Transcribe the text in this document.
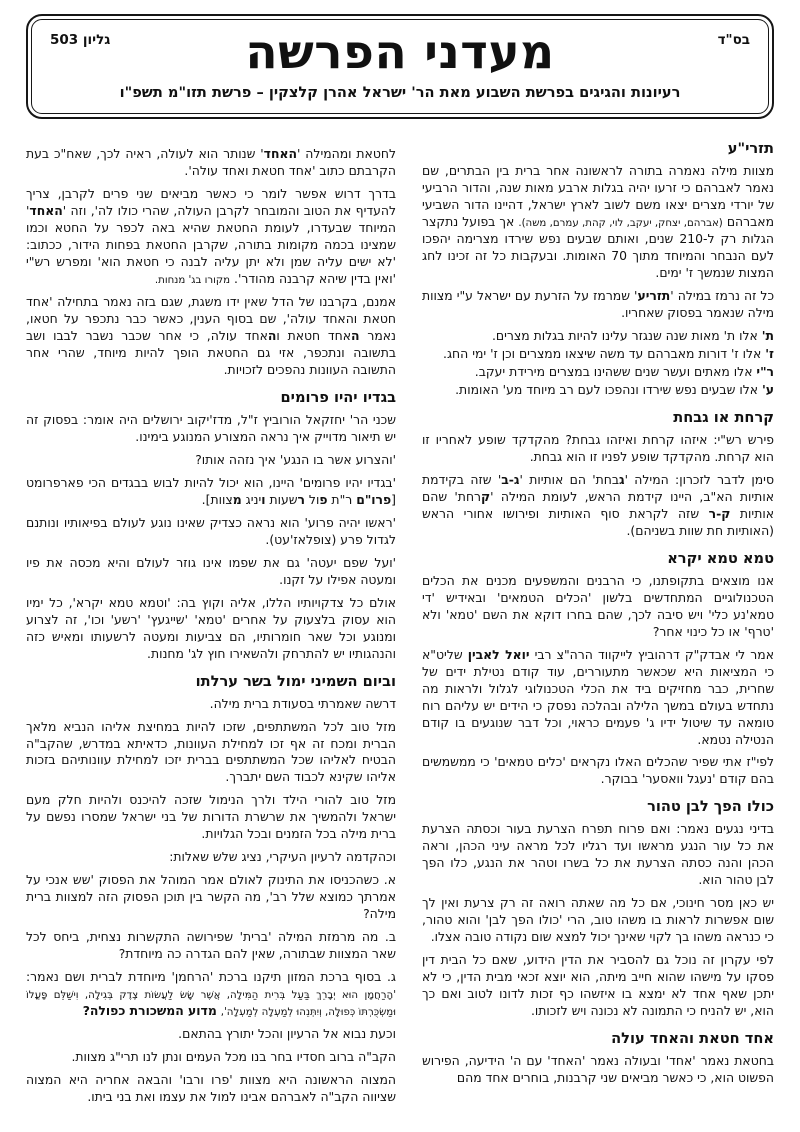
בס"ד
גליון 503	מעדני הפרשה
רעיונות והגיגים בפרשת השבוע מאת הר' ישראל אהרן קלצקין – פרשת תזו"מ תשפ"ו
תזרי"ע
מצוות מילה נאמרה בתורה לראשונה אחר ברית בין הבתרים, שם נאמר לאברהם כי זרעו יהיה בגלות ארבע מאות שנה, והדור הרביעי של יורדי מצרים יצאו משם לשוב לארץ ישראל, דהיינו הדור השביעי מאברהם (אברהם, יצחק, יעקב, לוי, קהת, עמרם, משה). אך בפועל נתקצר הגלות רק ל-210 שנים, ואותם שבעים נפש שירדו מצרימה יהפכו לעם הנבחר והמיוחד מתוך 70 האומות. ובעקבות כל זה זכינו לחג המצות שנמשך ז' ימים.
כל זה נרמז במילה 'תזריע' שמרמז על הזרעת עם ישראל ע"י מצוות מילה שנאמר בפסוק שאחריו.
ת' אלו ת' מאות שנה שנגזר עלינו להיות בגלות מצרים.
ז' אלו ז' דורות מאברהם עד משה שיצאו ממצרים וכן ז' ימי החג.
ר"י אלו מאתים ועשר שנים ששהינו במצרים מירידת יעקב.
ע' אלו שבעים נפש שירדו ונהפכו לעם רב מיוחד מע' האומות.
קרחת או גבחת
פירש רש"י: איזהו קרחת ואיזהו גבחת? מהקדקד שופע לאחריו זו הוא קרחת. מהקדקד שופע לפניו זו הוא גבחת.
סימן לדבר לזכרון: המילה 'גבחת' הם אותיות 'ג-ב' שזה בקידמת אותיות הא"ב, היינו קידמת הראש, לעומת המילה 'קרחת' שהם אותיות ק-ר שזה לקראת סוף האותיות ופירושו אחורי הראש (האותיות חת שוות בשניהם).
טמא טמא יקרא
אנו מוצאים בתקופתנו, כי הרבנים והמשפעים מכנים את הכלים הטכנולוגיים המתחדשים בלשון 'הכלים הטמאים' ובאידיש 'די טמא'נע כלי' ויש סיבה לכך, שהם בחרו דוקא את השם 'טמא' ולא 'טרף' או כל כינוי אחר?
אמר לי אבדק"ק דרהוביץ לייקווד הרה"צ רבי יואל לאבין שליט"א כי המציאות היא שכאשר מתעוררים, עוד קודם נטילת ידים של שחרית, כבר מחזיקים ביד את הכלי הטכנולוגי לגלול ולראות מה נתחדש בעולם במשך הלילה ובהלכה נפסק כי הידים יש עליהם רוח טומאה עד שיטול ידיו ג' פעמים כראוי, וכל דבר שנוגעים בו קודם הנטילה נטמא.
לפי"ז אתי שפיר שהכלים האלו נקראים 'כלים טמאים' כי ממשמשים בהם קודם 'נעגל וואסער' בבוקר.
כולו הפך לבן טהור
בדיני נגעים נאמר: ואם פרוח תפרח הצרעת בעור וכסתה הצרעת את כל עור הנגע מראשו ועד רגליו לכל מראה עיני הכהן, וראה הכהן והנה כסתה הצרעת את כל בשרו וטהר את הנגע, כלו הפך לבן טהור הוא.
יש כאן מסר חינוכי, אם כל מה שאתה רואה זה רק צרעת ואין לך שום אפשרות לראות בו משהו טוב, הרי 'כולו הפך לבן' והוא טהור, כי כנראה משהו בך לקוי שאינך יכול למצא שום נקודה טובה אצלו.
לפי עקרון זה נוכל גם להסביר את הדין הידוע, שאם כל הבית דין פסקו על מישהו שהוא חייב מיתה, הוא יוצא זכאי מבית הדין, כי לא יתכן שאף אחד לא ימצא בו איזשהו כף זכות לדונו לטוב ואם כך הוא, יש להניח כי התמונה לא נכונה ויש לזכותו.
אחד חטאת והאחד עולה
בחטאת נאמר 'אחד' ובעולה נאמר 'האחד' עם ה' הידיעה, הפירוש הפשוט הוא, כי כאשר מביאים שני קרבנות, בוחרים אחד מהם
לחטאת ומהמילה 'האחד' שנותר הוא לעולה, ראיה לכך, שאח"כ בעת הקרבתם כתוב 'אחד חטאת ואחד עולה'.
בדרך דרוש אפשר לומר כי כאשר מביאים שני פרים לקרבן, צריך להעדיף את הטוב והמובחר לקרבן העולה, שהרי כולו לה', וזה 'האחד' המיוחד שבעדרו, לעומת החטאת שהיא באה לכפר על החטא וכמו שמצינו בכמה מקומות בתורה, שקרבן החטאת בפחות הידור, ככתוב: 'לא ישים עליה שמן ולא יתן עליה לבנה כי חטאת הוא' ומפרש רש"י 'ואין בדין שיהא קרבנה מהודר'. מקורו בג' מנחות.
אמנם, בקרבנו של הדל שאין ידו משגת, שגם בזה נאמר בתחילה 'אחד חטאת והאחד עולה', שם בסוף הענין, כאשר כבר נתכפר על חטאו, נאמר האחד חטאת והאחד עולה, כי אחר שכבר נשבר לבבו ושב בתשובה ונתכפר, אזי גם החטאת הופך להיות מיוחד, שהרי אחר התשובה העוונות נהפכים לזכויות.
בגדיו יהיו פרומים
שכני הר' יחזקאל הורוביץ ז"ל, מדז'יקוב ירושלים היה אומר: בפסוק זה יש תיאור מדוייק איך נראה המצורע המנוגע בימינו.
'והצרוע אשר בו הנגע' איך נזהה אותו?
'בגדיו יהיו פרומים' היינו, הוא יכול להיות לבוש בבגדים הכי פארפרומט [פרו"ם ר"ת פול רשעות ויניג מצוות].
'ראשו יהיה פרוע' הוא נראה כצדיק שאינו נוגע לעולם בפיאותיו ונותנם לגדול פרע (צופלאז'עט).
'ועל שפם יעטה' גם את שפמו אינו גוזר לעולם והיא מכסה את פיו ומעטה אפילו על זקנו.
אולם כל צדקויותיו הללו, אליה וקוץ בה: 'וטמא טמא יקרא', כל ימיו הוא עסוק בלצעוק על אחרים 'טמא' 'שייגעץ' 'רשע' וכו', זה לצרוע ומנוגע וכל שאר חומרותיו, הם צביעות ומעטה לרשעותו ומאיש כזה והנהגותיו יש להתרחק ולהשאירו חוץ לג' מחנות.
וביום השמיני ימול בשר ערלתו
דרשה שאמרתי בסעודת ברית מילה.
מזל טוב לכל המשתתפים, שזכו להיות במחיצת אליהו הנביא מלאך הברית ומכח זה אף זכו למחילת העוונות, כדאיתא במדרש, שהקב"ה הבטיח לאליהו שכל המשתתפים בברית יזכו למחילת עוונותיהם בזכות אליהו שקינא לכבוד השם יתברך.
מזל טוב להורי הילד ולרך הנימול שזכה להיכנס ולהיות חלק מעם ישראל ולהמשיך את שרשרת הדורות של בני ישראל שמסרו נפשם על ברית מילה בכל הזמנים ובכל הגלויות.
וכהקדמה לרעיון העיקרי, נציג שלש שאלות:
א. כשהכניסו את התינוק לאולם אמר המוהל את הפסוק 'שש אנכי על אמרתך כמוצא שלל רב', מה הקשר בין תוכן הפסוק הזה למצוות ברית מילה?
ב. מה מרמזת המילה 'ברית' שפירושה התקשרות נצחית, ביחס לכל שאר המצוות שבתורה, שאין להם הגדרה כה מיוחדת?
ג. בסוף ברכת המזון תיקנו ברכת 'הרחמן' מיוחדת לברית ושם נאמר: 'הָרַחֲמָן הוּא יְבָרֵךְ בַּעַל בְּרִית הַמִּילָה, אֲשֶׁר שָׂשׂ לַעֲשׂוֹת צֶדֶק בְּגִילָה, וִישַׁלֵּם פָּעֳלוֹ וּמַשְׂכֻּרְתּוֹ כְּפוּלָה, וְיִתְּנֵהוּ לְמַעְלָה לְמַעְלָה', מדוע המשכורת כפולה?
וכעת נבוא אל הרעיון והכל יתורץ בהתאם.
הקב"ה ברוב חסדיו בחר בנו מכל העמים ונתן לנו תרי"ג מצוות.
המצוה הראשונה היא מצוות 'פרו ורבו' והבאה אחריה היא המצוה שציווה הקב"ה לאברהם אבינו למול את עצמו ואת בני ביתו.
